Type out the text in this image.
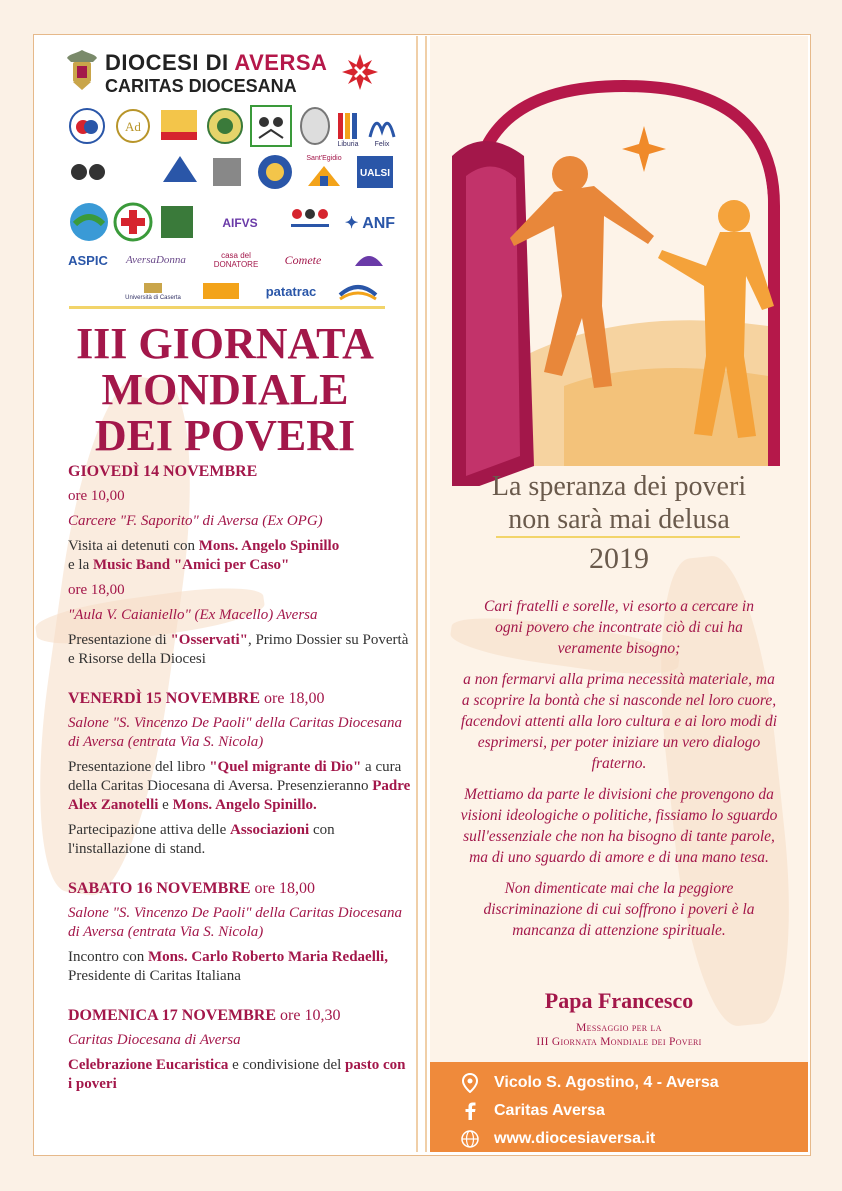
DIOCESI DI AVERSA
CARITAS DIOCESANA
Ad
Liburia Felix
Sant'Egidio
UALSI
AIFVS	✦ ANF
ASPIC AversaDonna	casa del DONATORE	Comete
Università di Caserta	patatrac
III GIORNATA
MONDIALE
DEI POVERI
GIOVEDÌ 14 NOVEMBRE
ore 10,00
Carcere "F. Saporito" di Aversa (Ex OPG)
Visita ai detenuti con Mons. Angelo Spinillo
e la Music Band "Amici per Caso"
ore 18,00
"Aula V. Caianiello" (Ex Macello) Aversa
Presentazione di "Osservati", Primo Dossier su Povertà e Risorse della Diocesi
VENERDÌ 15 NOVEMBRE ore 18,00
Salone "S. Vincenzo De Paoli" della Caritas Diocesana di Aversa (entrata Via S. Nicola)
Presentazione del libro "Quel migrante di Dio" a cura della Caritas Diocesana di Aversa. Presenzieranno Padre Alex Zanotelli e Mons. Angelo Spinillo.
Partecipazione attiva delle Associazioni con l'installazione di stand.
SABATO 16 NOVEMBRE ore 18,00
Salone "S. Vincenzo De Paoli" della Caritas Diocesana di Aversa (entrata Via S. Nicola)
Incontro con Mons. Carlo Roberto Maria Redaelli, Presidente di Caritas Italiana
DOMENICA 17 NOVEMBRE ore 10,30
Caritas Diocesana di Aversa
Celebrazione Eucaristica e condivisione del pasto con i poveri
La speranza dei poveri
non sarà mai delusa
2019

Cari fratelli e sorelle, vi esorto a cercare in ogni povero che incontrate ciò di cui ha veramente bisogno;

a non fermarvi alla prima necessità materiale, ma a scoprire la bontà che si nasconde nel loro cuore, facendovi attenti alla loro cultura e ai loro modi di esprimersi, per poter iniziare un vero dialogo fraterno.

Mettiamo da parte le divisioni che provengono da visioni ideologiche o politiche, fissiamo lo sguardo sull'essenziale che non ha bisogno di tante parole, ma di uno sguardo di amore e di una mano tesa.

Non dimenticate mai che la peggiore discriminazione di cui soffrono i poveri è la mancanza di attenzione spirituale.

Papa Francesco
Messaggio per la
III Giornata Mondiale dei Poveri
Vicolo S. Agostino, 4 - Aversa
Caritas Aversa
www.diocesiaversa.it
